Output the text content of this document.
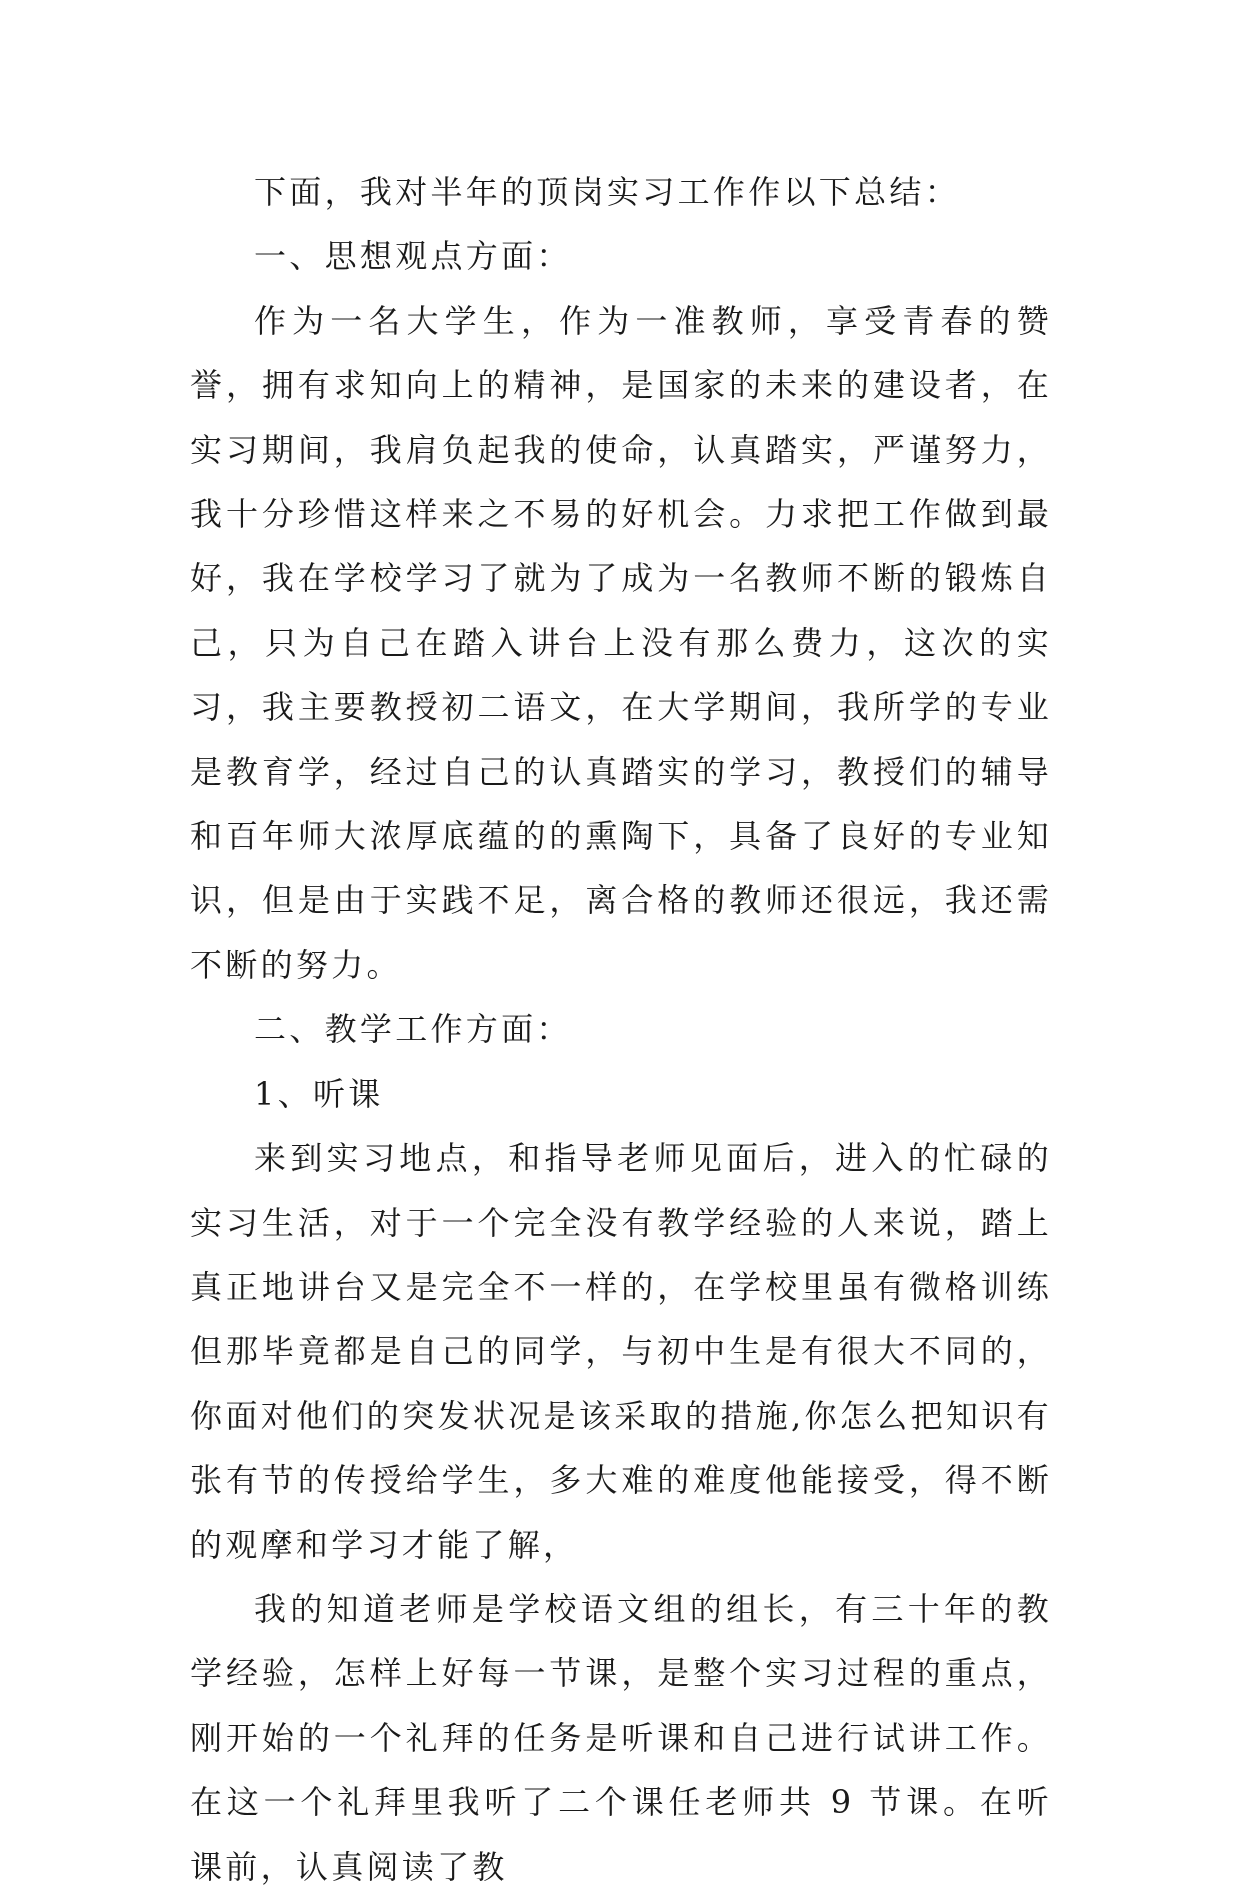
下面，我对半年的顶岗实习工作作以下总结：

一、思想观点方面：

作为一名大学生，作为一准教师，享受青春的赞誉，拥有求知向上的精神，是国家的未来的建设者，在实习期间，我肩负起我的使命，认真踏实，严谨努力，我十分珍惜这样来之不易的好机会。力求把工作做到最好，我在学校学习了就为了成为一名教师不断的锻炼自己，只为自己在踏入讲台上没有那么费力，这次的实习，我主要教授初二语文，在大学期间，我所学的专业是教育学，经过自己的认真踏实的学习，教授们的辅导和百年师大浓厚底蕴的的熏陶下，具备了良好的专业知识，但是由于实践不足，离合格的教师还很远，我还需不断的努力。

二、教学工作方面：

1、听课

来到实习地点，和指导老师见面后，进入的忙碌的实习生活，对于一个完全没有教学经验的人来说，踏上真正地讲台又是完全不一样的，在学校里虽有微格训练但那毕竟都是自己的同学，与初中生是有很大不同的，你面对他们的突发状况是该采取的措施,你怎么把知识有张有节的传授给学生，多大难的难度他能接受，得不断的观摩和学习才能了解，

我的知道老师是学校语文组的组长，有三十年的教学经验，怎样上好每一节课，是整个实习过程的重点，刚开始的一个礼拜的任务是听课和自己进行试讲工作。在这一个礼拜里我听了二个课任老师共 9 节课。在听课前，认真阅读了教
